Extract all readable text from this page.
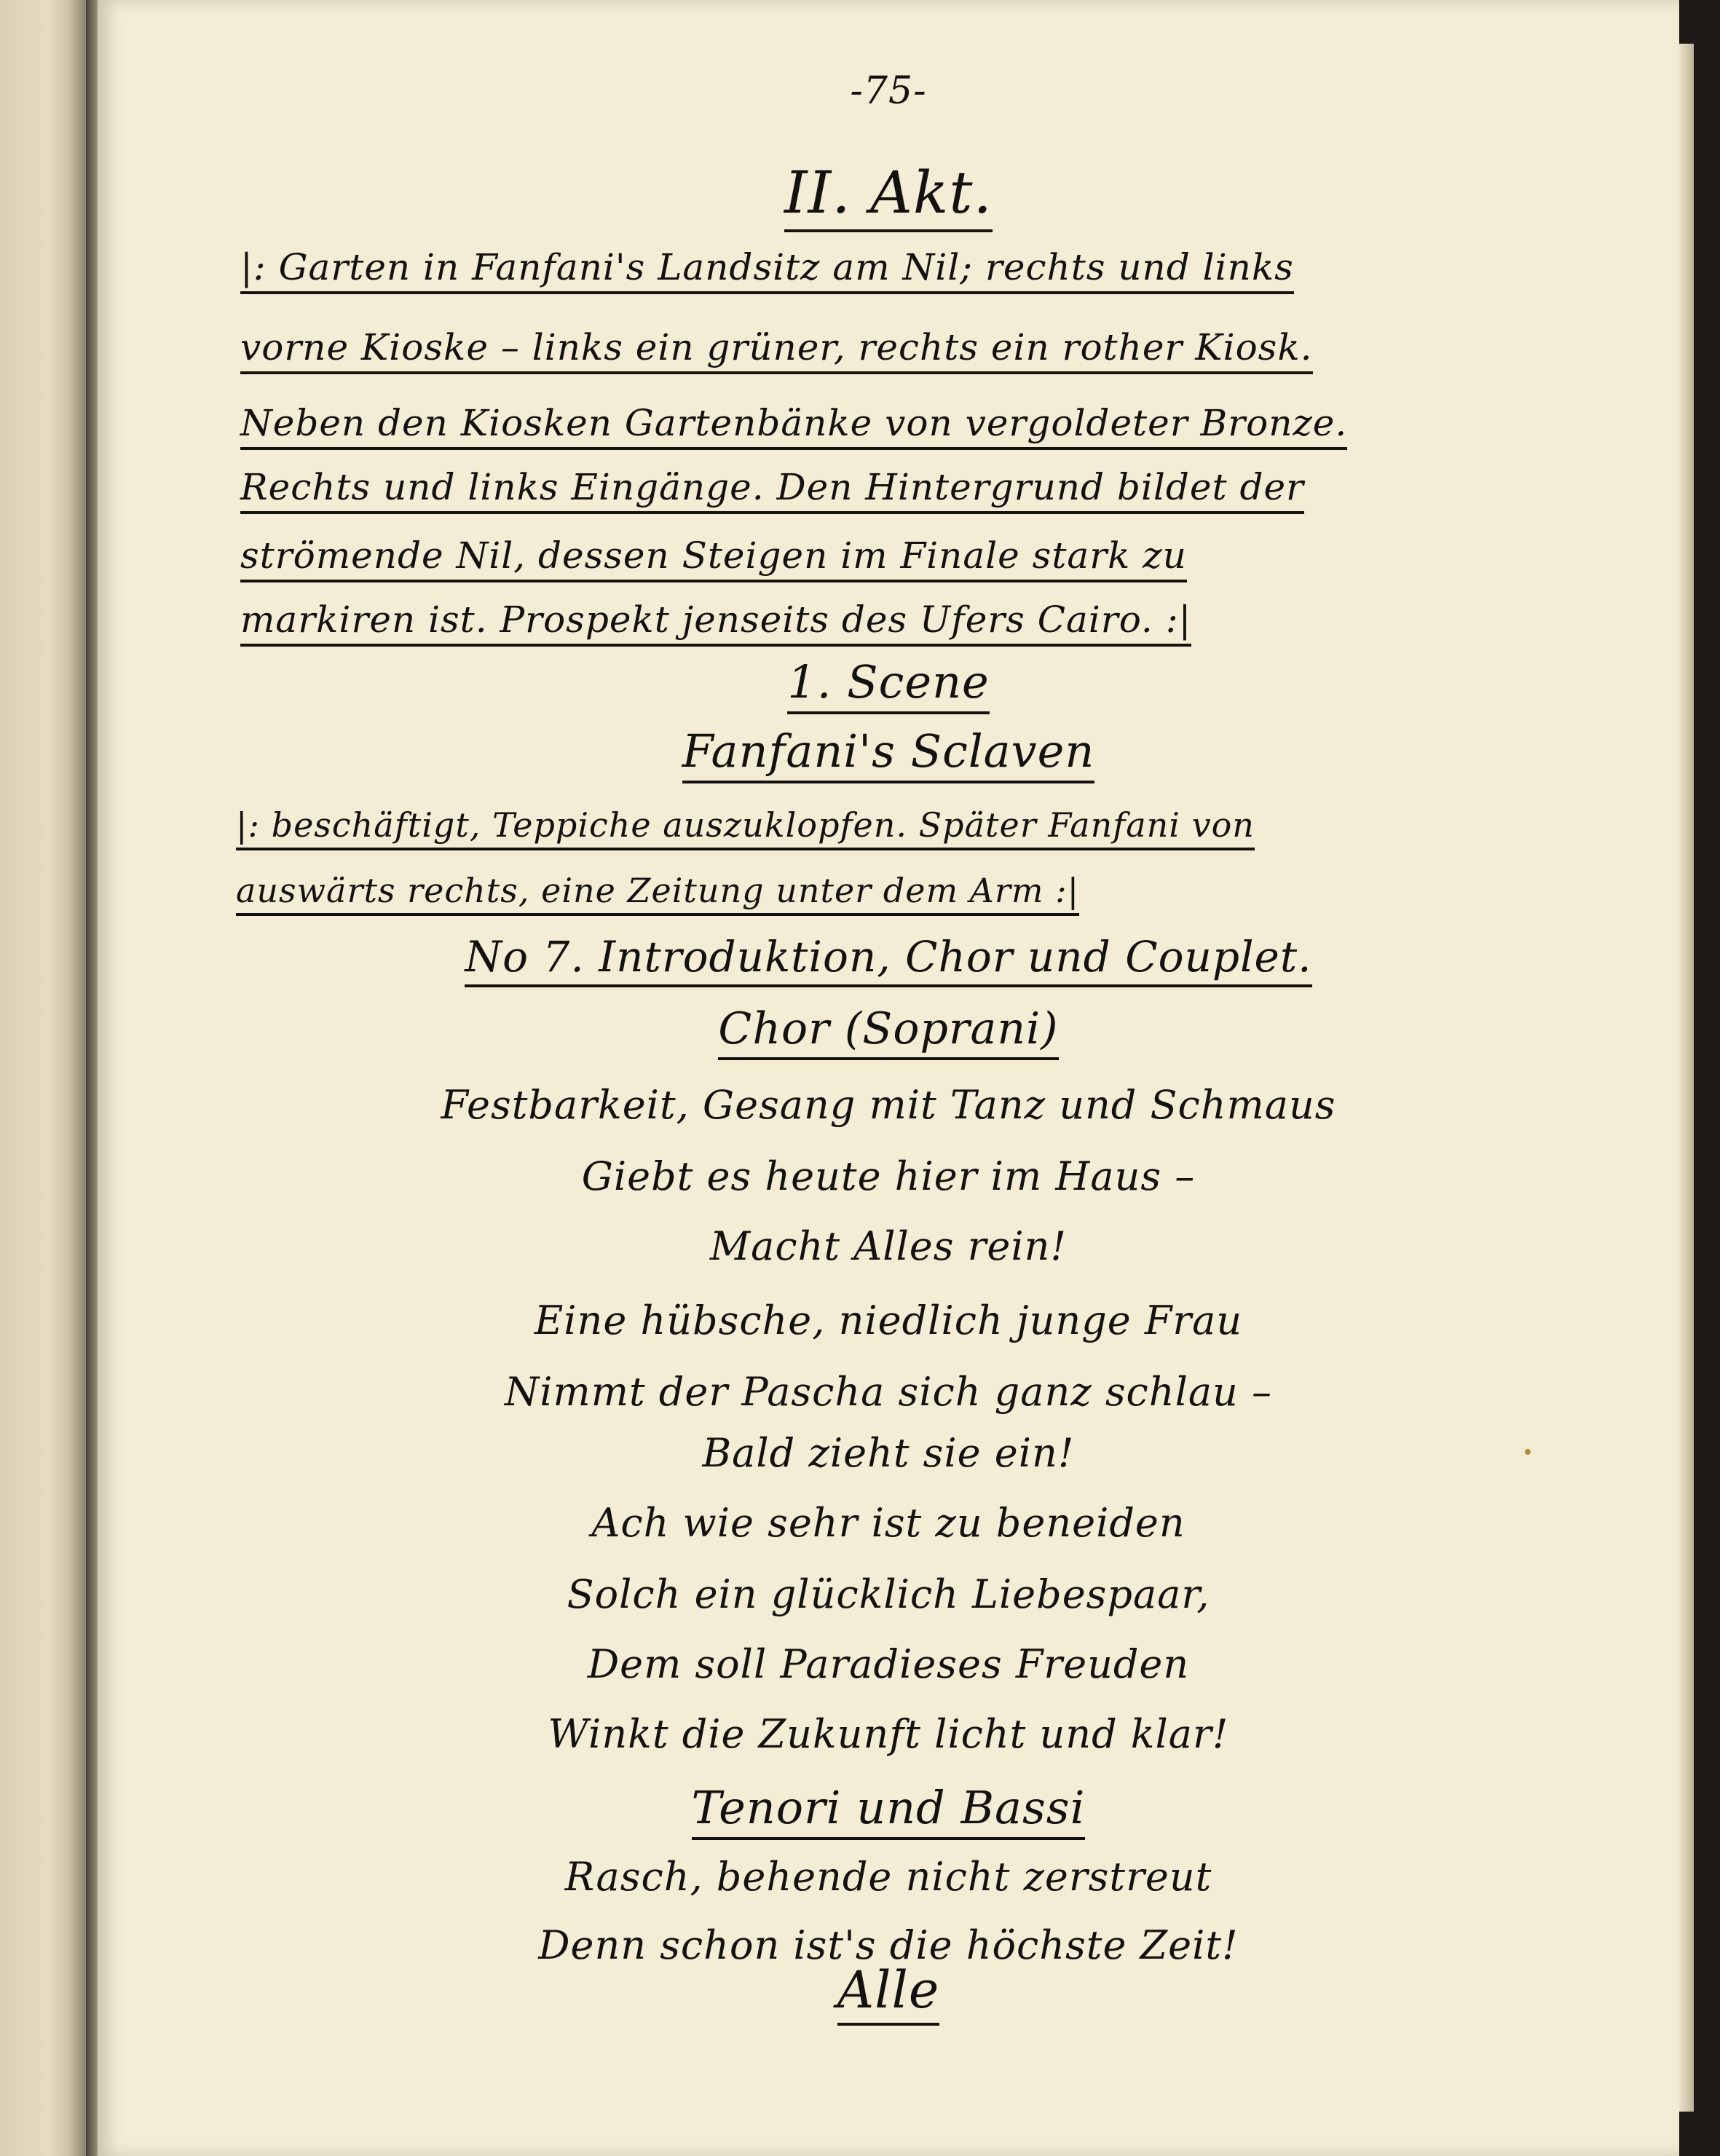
-75-
II. Akt.
|: Garten in Fanfani's Landsitz am Nil; rechts und links
vorne Kioske – links ein grüner, rechts ein rother Kiosk.
Neben den Kiosken Gartenbänke von vergoldeter Bronze.
Rechts und links Eingänge. Den Hintergrund bildet der
strömende Nil, dessen Steigen im Finale stark zu
markiren ist. Prospekt jenseits des Ufers Cairo. :|
1. Scene
Fanfani's Sclaven
|: beschäftigt, Teppiche auszuklopfen. Später Fanfani von
auswärts rechts, eine Zeitung unter dem Arm :|
No 7. Introduktion, Chor und Couplet.
Chor (Soprani)
Festbarkeit, Gesang mit Tanz und Schmaus
Giebt es heute hier im Haus –
Macht Alles rein!
Eine hübsche, niedlich junge Frau
Nimmt der Pascha sich ganz schlau –
Bald zieht sie ein!
Ach wie sehr ist zu beneiden
Solch ein glücklich Liebespaar,
Dem soll Paradieses Freuden
Winkt die Zukunft licht und klar!
Tenori und Bassi
Rasch, behende nicht zerstreut
Denn schon ist's die höchste Zeit!
Alle
